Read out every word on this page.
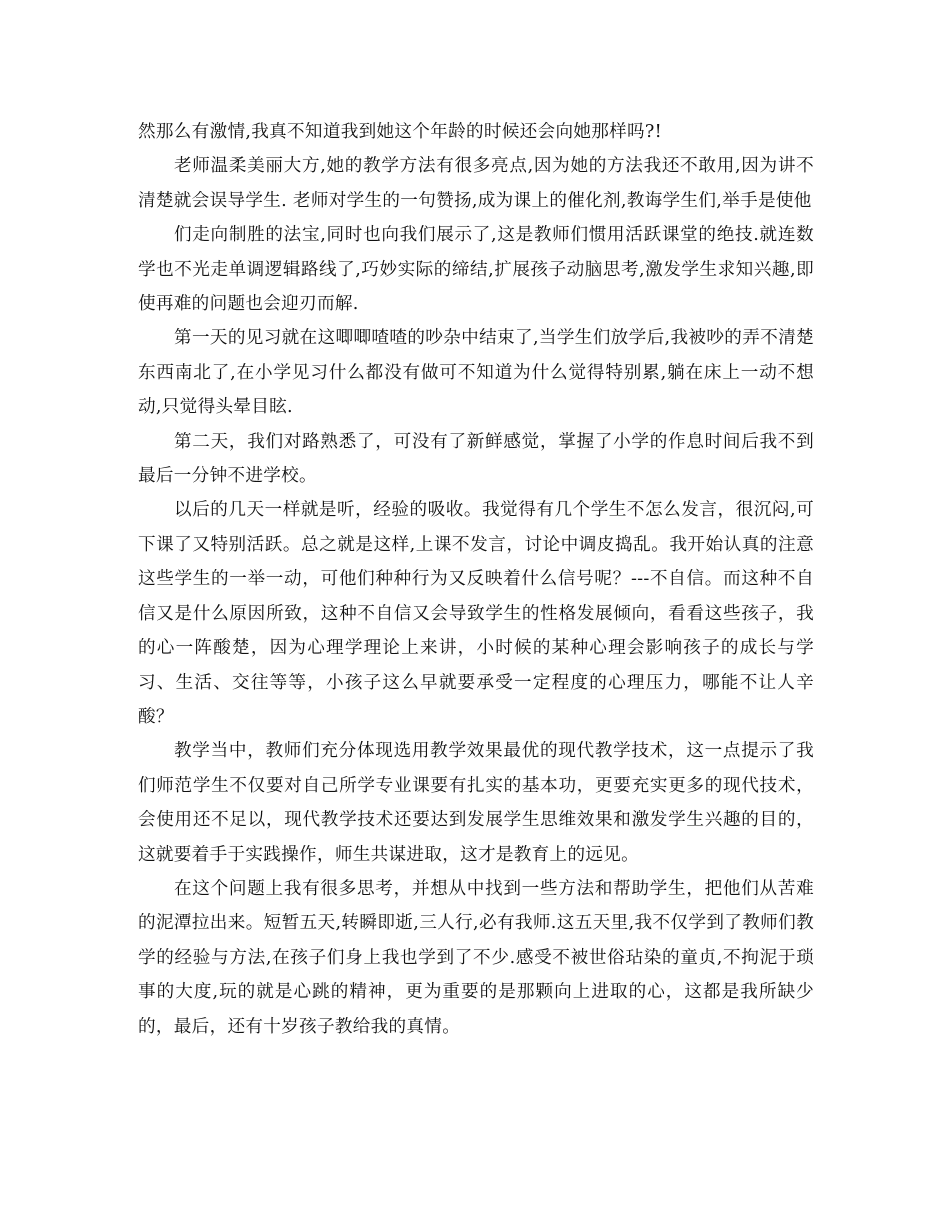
然那么有激情,我真不知道我到她这个年龄的时候还会向她那样吗?!

老师温柔美丽大方,她的教学方法有很多亮点,因为她的方法我还不敢用,因为讲不清楚就会误导学生. 老师对学生的一句赞扬,成为课上的催化剂,教诲学生们,举手是使他

们走向制胜的法宝,同时也向我们展示了,这是教师们惯用活跃课堂的绝技.就连数学也不光走单调逻辑路线了,巧妙实际的缔结,扩展孩子动脑思考,激发学生求知兴趣,即使再难的问题也会迎刃而解.

第一天的见习就在这唧唧喳喳的吵杂中结束了,当学生们放学后,我被吵的弄不清楚东西南北了,在小学见习什么都没有做可不知道为什么觉得特别累,躺在床上一动不想动,只觉得头晕目眩.

第二天，我们对路熟悉了，可没有了新鲜感觉，掌握了小学的作息时间后我不到最后一分钟不进学校。

以后的几天一样就是听，经验的吸收。我觉得有几个学生不怎么发言，很沉闷,可下课了又特别活跃。总之就是这样,上课不发言，讨论中调皮捣乱。我开始认真的注意这些学生的一举一动，可他们种种行为又反映着什么信号呢？---不自信。而这种不自信又是什么原因所致，这种不自信又会导致学生的性格发展倾向，看看这些孩子，我的心一阵酸楚，因为心理学理论上来讲，小时候的某种心理会影响孩子的成长与学习、生活、交往等等，小孩子这么早就要承受一定程度的心理压力，哪能不让人辛酸？

教学当中，教师们充分体现选用教学效果最优的现代教学技术，这一点提示了我们师范学生不仅要对自己所学专业课要有扎实的基本功，更要充实更多的现代技术，会使用还不足以，现代教学技术还要达到发展学生思维效果和激发学生兴趣的目的，这就要着手于实践操作，师生共谋进取，这才是教育上的远见。

在这个问题上我有很多思考，并想从中找到一些方法和帮助学生，把他们从苦难的泥潭拉出来。短暂五天,转瞬即逝,三人行,必有我师.这五天里,我不仅学到了教师们教学的经验与方法,在孩子们身上我也学到了不少.感受不被世俗玷染的童贞,不拘泥于琐事的大度,玩的就是心跳的精神，更为重要的是那颗向上进取的心，这都是我所缺少的，最后，还有十岁孩子教给我的真情。
